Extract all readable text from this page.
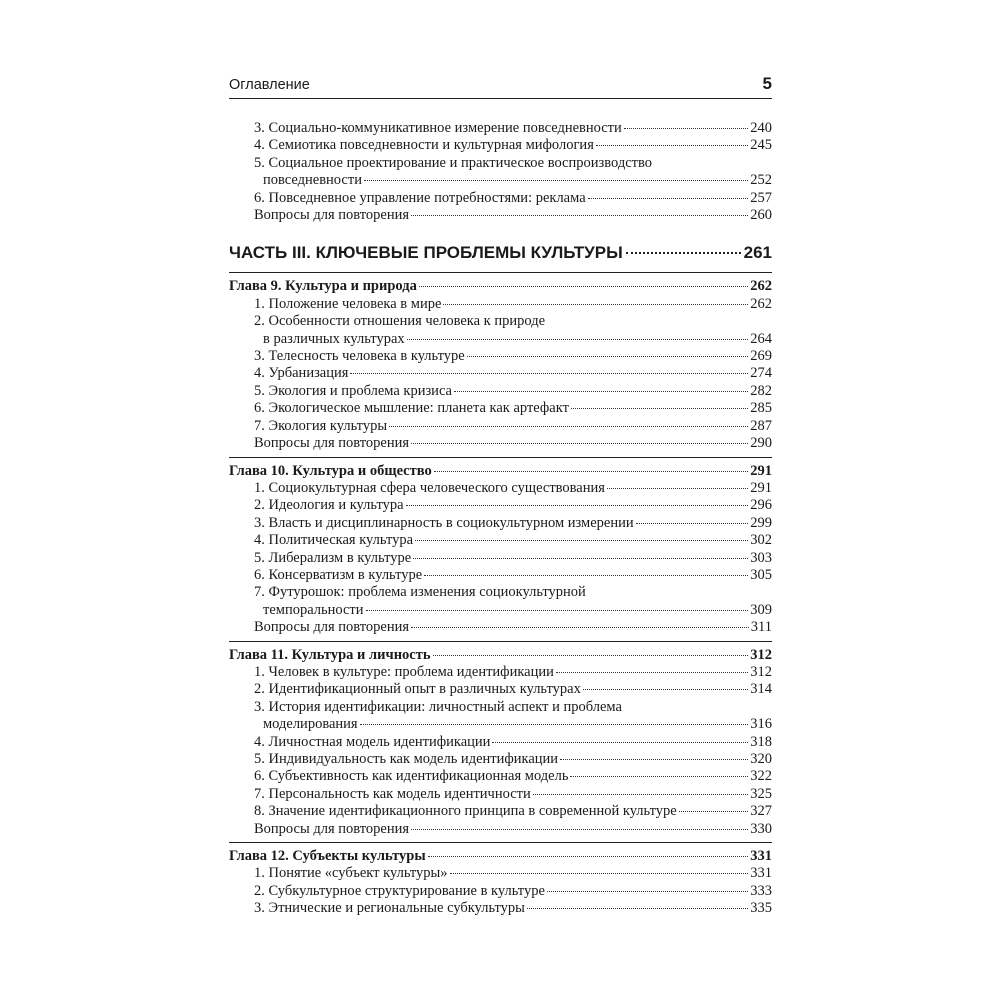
Оглавление	5
3. Социально-коммуникативное измерение повседневности	240
4. Семиотика повседневности и культурная мифология	245
5. Социальное проектирование и практическое воспроизводство
повседневности	252
6. Повседневное управление потребностями: реклама	257
Вопросы для повторения	260
ЧАСТЬ III. КЛЮЧЕВЫЕ ПРОБЛЕМЫ КУЛЬТУРЫ	261
Глава 9. Культура и природа	262
1. Положение человека в мире	262
2. Особенности отношения человека к природе
в различных культурах	264
3. Телесность человека в культуре	269
4. Урбанизация	274
5. Экология и проблема кризиса	282
6. Экологическое мышление: планета как артефакт	285
7. Экология культуры	287
Вопросы для повторения	290
Глава 10. Культура и общество	291
1. Социокультурная сфера человеческого существования	291
2. Идеология и культура	296
3. Власть и дисциплинарность в социокультурном измерении	299
4. Политическая культура	302
5. Либерализм в культуре	303
6. Консерватизм в культуре	305
7. Футурошок: проблема изменения социокультурной
темпоральности	309
Вопросы для повторения	311
Глава 11. Культура и личность	312
1. Человек в культуре: проблема идентификации	312
2. Идентификационный опыт в различных культурах	314
3. История идентификации: личностный аспект и проблема
моделирования	316
4. Личностная модель идентификации	318
5. Индивидуальность как модель идентификации	320
6. Субъективность как идентификационная модель	322
7. Персональность как модель идентичности	325
8. Значение идентификационного принципа в современной культуре	327
Вопросы для повторения	330
Глава 12. Субъекты культуры	331
1. Понятие «субъект культуры»	331
2. Субкультурное структурирование в культуре	333
3. Этнические и региональные субкультуры	335
